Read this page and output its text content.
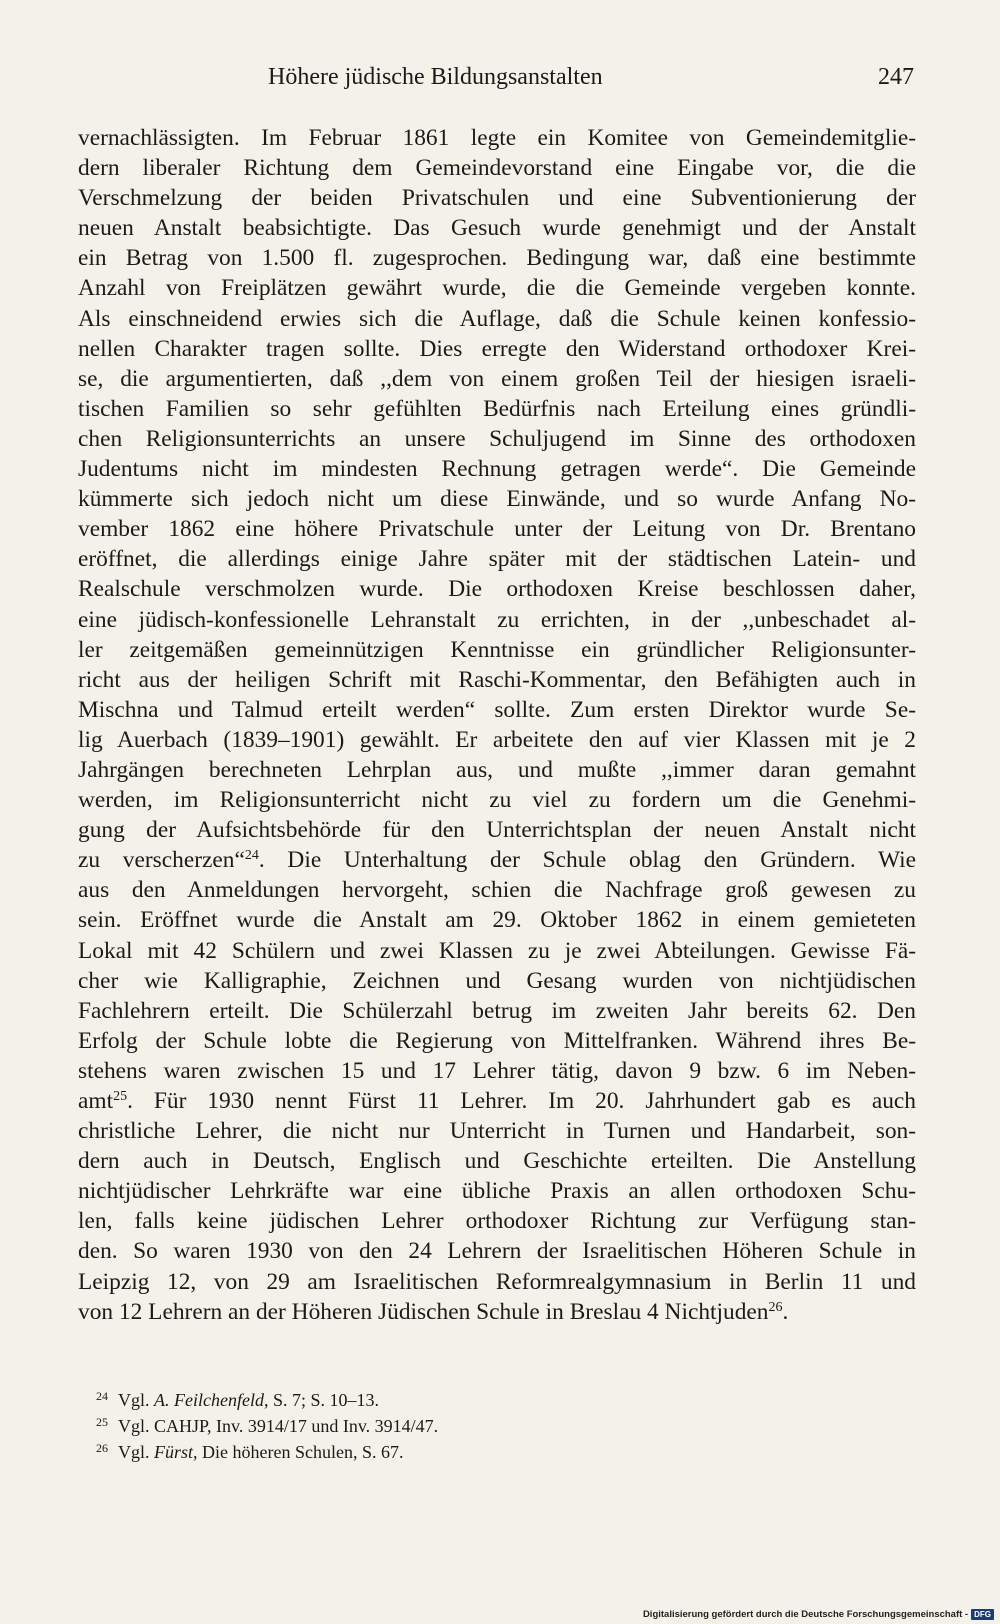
Höhere jüdische Bildungsanstalten	247
vernachlässigten. Im Februar 1861 legte ein Komitee von Gemeindemitglie-
dern liberaler Richtung dem Gemeindevorstand eine Eingabe vor, die die
Verschmelzung der beiden Privatschulen und eine Subventionierung der
neuen Anstalt beabsichtigte. Das Gesuch wurde genehmigt und der Anstalt
ein Betrag von 1.500 fl. zugesprochen. Bedingung war, daß eine bestimmte
Anzahl von Freiplätzen gewährt wurde, die die Gemeinde vergeben konnte.
Als einschneidend erwies sich die Auflage, daß die Schule keinen konfessio-
nellen Charakter tragen sollte. Dies erregte den Widerstand orthodoxer Krei-
se, die argumentierten, daß ,,dem von einem großen Teil der hiesigen israeli-
tischen Familien so sehr gefühlten Bedürfnis nach Erteilung eines gründli-
chen Religionsunterrichts an unsere Schuljugend im Sinne des orthodoxen
Judentums nicht im mindesten Rechnung getragen werde“. Die Gemeinde
kümmerte sich jedoch nicht um diese Einwände, und so wurde Anfang No-
vember 1862 eine höhere Privatschule unter der Leitung von Dr. Brentano
eröffnet, die allerdings einige Jahre später mit der städtischen Latein- und
Realschule verschmolzen wurde. Die orthodoxen Kreise beschlossen daher,
eine jüdisch-konfessionelle Lehranstalt zu errichten, in der ,,unbeschadet al-
ler zeitgemäßen gemeinnützigen Kenntnisse ein gründlicher Religionsunter-
richt aus der heiligen Schrift mit Raschi-Kommentar, den Befähigten auch in
Mischna und Talmud erteilt werden“ sollte. Zum ersten Direktor wurde Se-
lig Auerbach (1839–1901) gewählt. Er arbeitete den auf vier Klassen mit je 2
Jahrgängen berechneten Lehrplan aus, und mußte ,,immer daran gemahnt
werden, im Religionsunterricht nicht zu viel zu fordern um die Genehmi-
gung der Aufsichtsbehörde für den Unterrichtsplan der neuen Anstalt nicht
zu verscherzen“$^{24}$. Die Unterhaltung der Schule oblag den Gründern. Wie
aus den Anmeldungen hervorgeht, schien die Nachfrage groß gewesen zu
sein. Eröffnet wurde die Anstalt am 29. Oktober 1862 in einem gemieteten
Lokal mit 42 Schülern und zwei Klassen zu je zwei Abteilungen. Gewisse Fä-
cher wie Kalligraphie, Zeichnen und Gesang wurden von nichtjüdischen
Fachlehrern erteilt. Die Schülerzahl betrug im zweiten Jahr bereits 62. Den
Erfolg der Schule lobte die Regierung von Mittelfranken. Während ihres Be-
stehens waren zwischen 15 und 17 Lehrer tätig, davon 9 bzw. 6 im Neben-
amt$^{25}$. Für 1930 nennt Fürst 11 Lehrer. Im 20. Jahrhundert gab es auch
christliche Lehrer, die nicht nur Unterricht in Turnen und Handarbeit, son-
dern auch in Deutsch, Englisch und Geschichte erteilten. Die Anstellung
nichtjüdischer Lehrkräfte war eine übliche Praxis an allen orthodoxen Schu-
len, falls keine jüdischen Lehrer orthodoxer Richtung zur Verfügung stan-
den. So waren 1930 von den 24 Lehrern der Israelitischen Höheren Schule in
Leipzig 12, von 29 am Israelitischen Reformrealgymnasium in Berlin 11 und
von 12 Lehrern an der Höheren Jüdischen Schule in Breslau 4 Nichtjuden$^{26}$.
$^{24}$ Vgl. A. Feilchenfeld, S. 7; S. 10–13.
$^{25}$ Vgl. CAHJP, Inv. 3914/17 und Inv. 3914/47.
$^{26}$ Vgl. Fürst, Die höheren Schulen, S. 67.
Digitalisierung gefördert durch die Deutsche Forschungsgemeinschaft - DFG
